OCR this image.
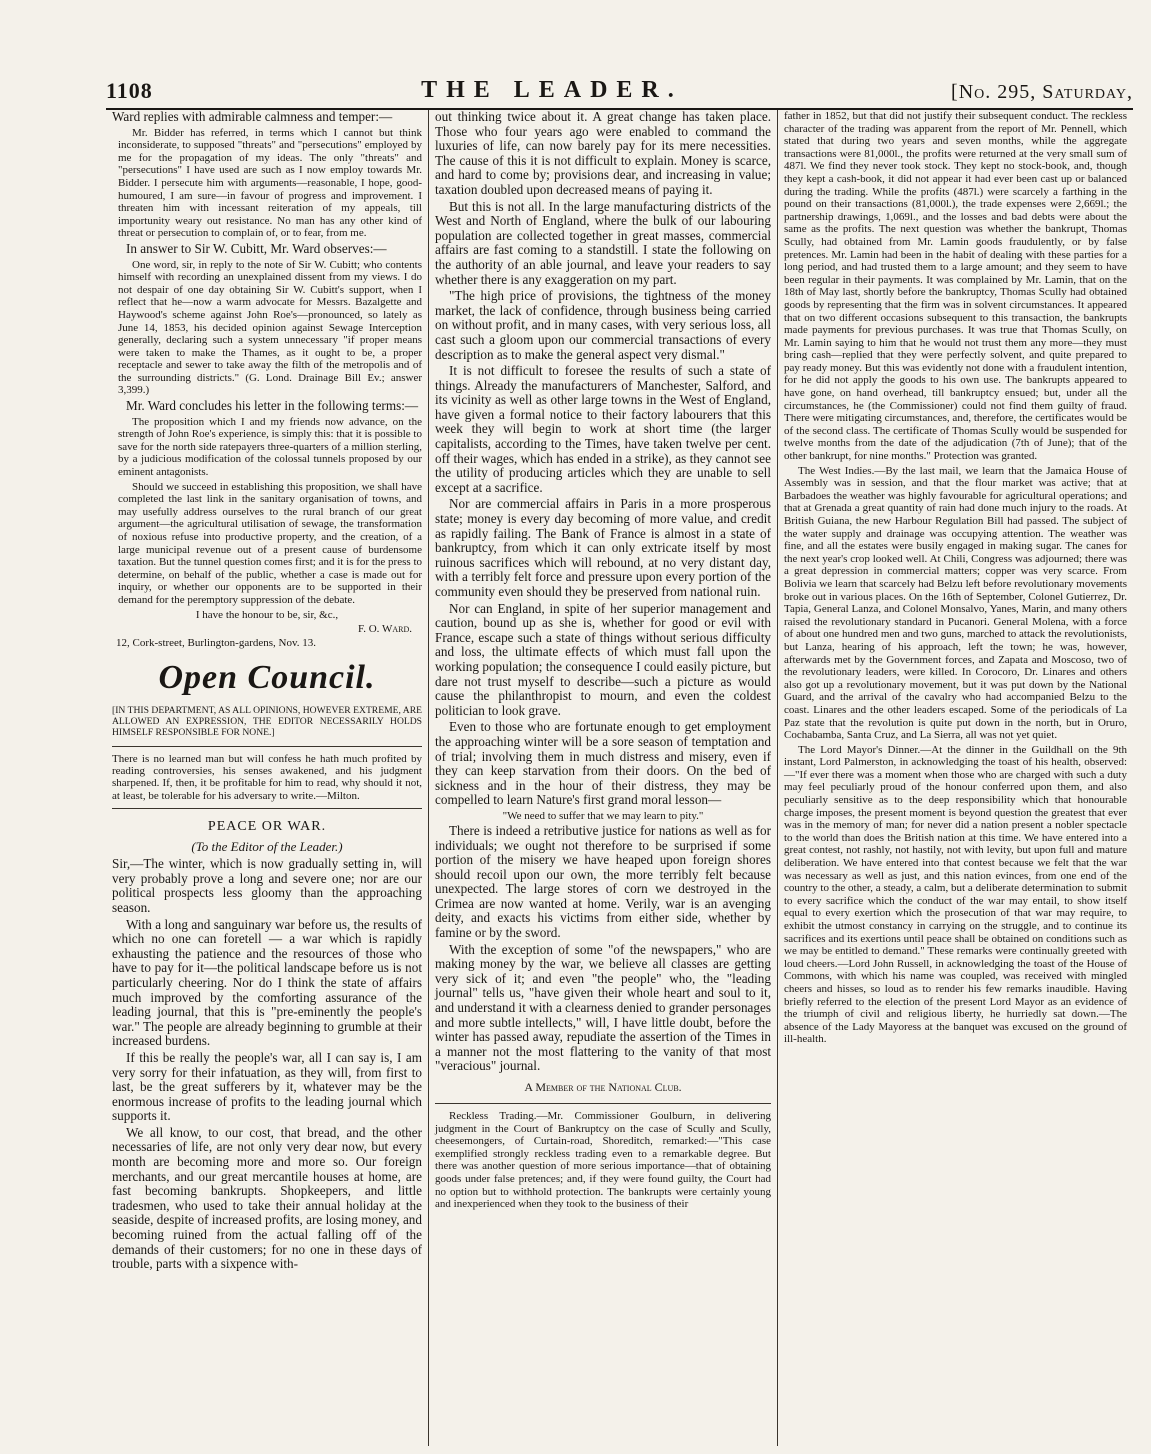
1108	THE LEADER.	[No. 295, Saturday,

Ward replies with admirable calmness and temper:—

Mr. Bidder has referred, in terms which I cannot but think inconsiderate, to supposed "threats" and "persecutions" employed by me for the propagation of my ideas. The only "threats" and "persecutions" I have used are such as I now employ towards Mr. Bidder. I persecute him with arguments—reasonable, I hope, good-humoured, I am sure—in favour of progress and improvement. I threaten him with incessant reiteration of my appeals, till importunity weary out resistance. No man has any other kind of threat or persecution to complain of, or to fear, from me.

In answer to Sir W. Cubitt, Mr. Ward observes:—

One word, sir, in reply to the note of Sir W. Cubitt; who contents himself with recording an unexplained dissent from my views. I do not despair of one day obtaining Sir W. Cubitt's support, when I reflect that he—now a warm advocate for Messrs. Bazalgette and Haywood's scheme against John Roe's—pronounced, so lately as June 14, 1853, his decided opinion against Sewage Interception generally, declaring such a system unnecessary "if proper means were taken to make the Thames, as it ought to be, a proper receptacle and sewer to take away the filth of the metropolis and of the surrounding districts." (G. Lond. Drainage Bill Ev.; answer 3,399.)

Mr. Ward concludes his letter in the following terms:—

The proposition which I and my friends now advance, on the strength of John Roe's experience, is simply this: that it is possible to save for the north side ratepayers three-quarters of a million sterling, by a judicious modification of the colossal tunnels proposed by our eminent antagonists.

Should we succeed in establishing this proposition, we shall have completed the last link in the sanitary organisation of towns, and may usefully address ourselves to the rural branch of our great argument—the agricultural utilisation of sewage, the transformation of noxious refuse into productive property, and the creation, of a large municipal revenue out of a present cause of burdensome taxation. But the tunnel question comes first; and it is for the press to determine, on behalf of the public, whether a case is made out for inquiry, or whether our opponents are to be supported in their demand for the peremptory suppression of the debate.

I have the honour to be, sir, &c.,

F. O. Ward.

12, Cork-street, Burlington-gardens, Nov. 13.

Open Council.
[IN THIS DEPARTMENT, AS ALL OPINIONS, HOWEVER EXTREME, ARE ALLOWED AN EXPRESSION, THE EDITOR NECESSARILY HOLDS HIMSELF RESPONSIBLE FOR NONE.]
There is no learned man but will confess he hath much profited by reading controversies, his senses awakened, and his judgment sharpened. If, then, it be profitable for him to read, why should it not, at least, be tolerable for his adversary to write.—Milton.
PEACE OR WAR.
(To the Editor of the Leader.)

Sir,—The winter, which is now gradually setting in, will very probably prove a long and severe one; nor are our political prospects less gloomy than the approaching season.

With a long and sanguinary war before us, the results of which no one can foretell — a war which is rapidly exhausting the patience and the resources of those who have to pay for it—the political landscape before us is not particularly cheering. Nor do I think the state of affairs much improved by the comforting assurance of the leading journal, that this is "pre-eminently the people's war." The people are already beginning to grumble at their increased burdens.

If this be really the people's war, all I can say is, I am very sorry for their infatuation, as they will, from first to last, be the great sufferers by it, whatever may be the enormous increase of profits to the leading journal which supports it.

We all know, to our cost, that bread, and the other necessaries of life, are not only very dear now, but every month are becoming more and more so. Our foreign merchants, and our great mercantile houses at home, are fast becoming bankrupts. Shopkeepers, and little tradesmen, who used to take their annual holiday at the seaside, despite of increased profits, are losing money, and becoming ruined from the actual falling off of the demands of their customers; for no one in these days of trouble, parts with a sixpence with-

out thinking twice about it. A great change has taken place. Those who four years ago were enabled to command the luxuries of life, can now barely pay for its mere necessities. The cause of this it is not difficult to explain. Money is scarce, and hard to come by; provisions dear, and increasing in value; taxation doubled upon decreased means of paying it.

But this is not all. In the large manufacturing districts of the West and North of England, where the bulk of our labouring population are collected together in great masses, commercial affairs are fast coming to a standstill. I state the following on the authority of an able journal, and leave your readers to say whether there is any exaggeration on my part.

"The high price of provisions, the tightness of the money market, the lack of confidence, through business being carried on without profit, and in many cases, with very serious loss, all cast such a gloom upon our commercial transactions of every description as to make the general aspect very dismal."

It is not difficult to foresee the results of such a state of things. Already the manufacturers of Manchester, Salford, and its vicinity as well as other large towns in the West of England, have given a formal notice to their factory labourers that this week they will begin to work at short time (the larger capitalists, according to the Times, have taken twelve per cent. off their wages, which has ended in a strike), as they cannot see the utility of producing articles which they are unable to sell except at a sacrifice.

Nor are commercial affairs in Paris in a more prosperous state; money is every day becoming of more value, and credit as rapidly failing. The Bank of France is almost in a state of bankruptcy, from which it can only extricate itself by most ruinous sacrifices which will rebound, at no very distant day, with a terribly felt force and pressure upon every portion of the community even should they be preserved from national ruin.

Nor can England, in spite of her superior management and caution, bound up as she is, whether for good or evil with France, escape such a state of things without serious difficulty and loss, the ultimate effects of which must fall upon the working population; the consequence I could easily picture, but dare not trust myself to describe—such a picture as would cause the philanthropist to mourn, and even the coldest politician to look grave.

Even to those who are fortunate enough to get employment the approaching winter will be a sore season of temptation and of trial; involving them in much distress and misery, even if they can keep starvation from their doors. On the bed of sickness and in the hour of their distress, they may be compelled to learn Nature's first grand moral lesson—

"We need to suffer that we may learn to pity."

There is indeed a retributive justice for nations as well as for individuals; we ought not therefore to be surprised if some portion of the misery we have heaped upon foreign shores should recoil upon our own, the more terribly felt because unexpected. The large stores of corn we destroyed in the Crimea are now wanted at home. Verily, war is an avenging deity, and exacts his victims from either side, whether by famine or by the sword.

With the exception of some "of the newspapers," who are making money by the war, we believe all classes are getting very sick of it; and even "the people" who, the "leading journal" tells us, "have given their whole heart and soul to it, and understand it with a clearness denied to grander personages and more subtle intellects," will, I have little doubt, before the winter has passed away, repudiate the assertion of the Times in a manner not the most flattering to the vanity of that most "veracious" journal.

A Member of the National Club.

Reckless Trading.—Mr. Commissioner Goulburn, in delivering judgment in the Court of Bankruptcy on the case of Scully and Scully, cheesemongers, of Curtain-road, Shoreditch, remarked:—"This case exemplified strongly reckless trading even to a remarkable degree. But there was another question of more serious importance—that of obtaining goods under false pretences; and, if they were found guilty, the Court had no option but to withhold protection. The bankrupts were certainly young and inexperienced when they took to the business of their

father in 1852, but that did not justify their subsequent conduct. The reckless character of the trading was apparent from the report of Mr. Pennell, which stated that during two years and seven months, while the aggregate transactions were 81,000l., the profits were returned at the very small sum of 487l. We find they never took stock. They kept no stock-book, and, though they kept a cash-book, it did not appear it had ever been cast up or balanced during the trading. While the profits (487l.) were scarcely a farthing in the pound on their transactions (81,000l.), the trade expenses were 2,669l.; the partnership drawings, 1,069l., and the losses and bad debts were about the same as the profits. The next question was whether the bankrupt, Thomas Scully, had obtained from Mr. Lamin goods fraudulently, or by false pretences. Mr. Lamin had been in the habit of dealing with these parties for a long period, and had trusted them to a large amount; and they seem to have been regular in their payments. It was complained by Mr. Lamin, that on the 18th of May last, shortly before the bankruptcy, Thomas Scully had obtained goods by representing that the firm was in solvent circumstances. It appeared that on two different occasions subsequent to this transaction, the bankrupts made payments for previous purchases. It was true that Thomas Scully, on Mr. Lamin saying to him that he would not trust them any more—they must bring cash—replied that they were perfectly solvent, and quite prepared to pay ready money. But this was evidently not done with a fraudulent intention, for he did not apply the goods to his own use. The bankrupts appeared to have gone, on hand overhead, till bankruptcy ensued; but, under all the circumstances, he (the Commissioner) could not find them guilty of fraud. There were mitigating circumstances, and, therefore, the certificates would be of the second class. The certificate of Thomas Scully would be suspended for twelve months from the date of the adjudication (7th of June); that of the other bankrupt, for nine months." Protection was granted.

The West Indies.—By the last mail, we learn that the Jamaica House of Assembly was in session, and that the flour market was active; that at Barbadoes the weather was highly favourable for agricultural operations; and that at Grenada a great quantity of rain had done much injury to the roads. At British Guiana, the new Harbour Regulation Bill had passed. The subject of the water supply and drainage was occupying attention. The weather was fine, and all the estates were busily engaged in making sugar. The canes for the next year's crop looked well. At Chili, Congress was adjourned; there was a great depression in commercial matters; copper was very scarce. From Bolivia we learn that scarcely had Belzu left before revolutionary movements broke out in various places. On the 16th of September, Colonel Gutierrez, Dr. Tapia, General Lanza, and Colonel Monsalvo, Yanes, Marin, and many others raised the revolutionary standard in Pucanori. General Molena, with a force of about one hundred men and two guns, marched to attack the revolutionists, but Lanza, hearing of his approach, left the town; he was, however, afterwards met by the Government forces, and Zapata and Moscoso, two of the revolutionary leaders, were killed. In Corocoro, Dr. Linares and others also got up a revolutionary movement, but it was put down by the National Guard, and the arrival of the cavalry who had accompanied Belzu to the coast. Linares and the other leaders escaped. Some of the periodicals of La Paz state that the revolution is quite put down in the north, but in Oruro, Cochabamba, Santa Cruz, and La Sierra, all was not yet quiet.

The Lord Mayor's Dinner.—At the dinner in the Guildhall on the 9th instant, Lord Palmerston, in acknowledging the toast of his health, observed:—"If ever there was a moment when those who are charged with such a duty may feel peculiarly proud of the honour conferred upon them, and also peculiarly sensitive as to the deep responsibility which that honourable charge imposes, the present moment is beyond question the greatest that ever was in the memory of man; for never did a nation present a nobler spectacle to the world than does the British nation at this time. We have entered into a great contest, not rashly, not hastily, not with levity, but upon full and mature deliberation. We have entered into that contest because we felt that the war was necessary as well as just, and this nation evinces, from one end of the country to the other, a steady, a calm, but a deliberate determination to submit to every sacrifice which the conduct of the war may entail, to show itself equal to every exertion which the prosecution of that war may require, to exhibit the utmost constancy in carrying on the struggle, and to continue its sacrifices and its exertions until peace shall be obtained on conditions such as we may be entitled to demand." These remarks were continually greeted with loud cheers.—Lord John Russell, in acknowledging the toast of the House of Commons, with which his name was coupled, was received with mingled cheers and hisses, so loud as to render his few remarks inaudible. Having briefly referred to the election of the present Lord Mayor as an evidence of the triumph of civil and religious liberty, he hurriedly sat down.—The absence of the Lady Mayoress at the banquet was excused on the ground of ill-health.
